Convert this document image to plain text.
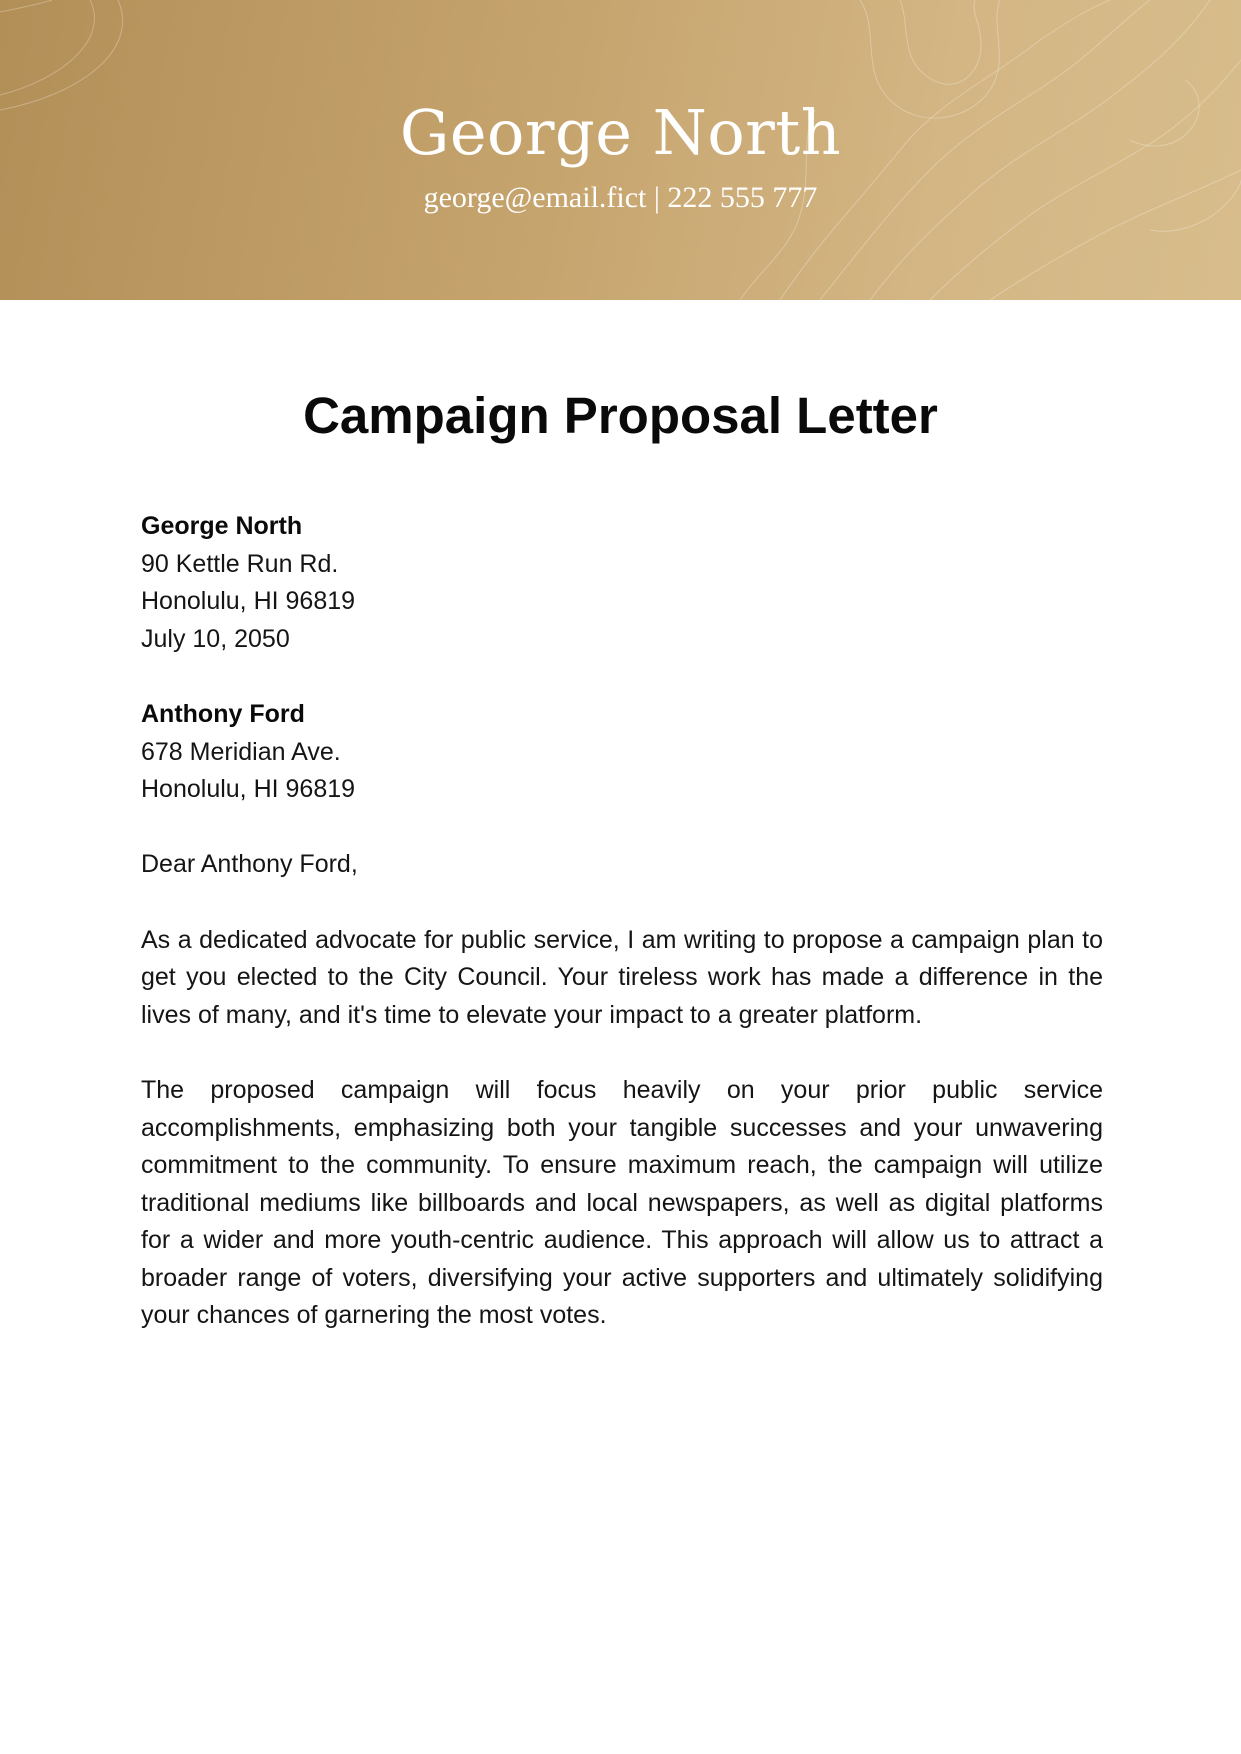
George North
george@email.fict | 222 555 777
Campaign Proposal Letter
George North
90 Kettle Run Rd.
Honolulu, HI 96819
July 10, 2050
Anthony Ford
678 Meridian Ave.
Honolulu, HI 96819

Dear Anthony Ford,

As a dedicated advocate for public service, I am writing to propose a campaign plan to get you elected to the City Council. Your tireless work has made a difference in the lives of many, and it's time to elevate your impact to a greater platform.

The proposed campaign will focus heavily on your prior public service accomplishments, emphasizing both your tangible successes and your unwavering commitment to the community. To ensure maximum reach, the campaign will utilize traditional mediums like billboards and local newspapers, as well as digital platforms for a wider and more youth-centric audience. This approach will allow us to attract a broader range of voters, diversifying your active supporters and ultimately solidifying your chances of garnering the most votes.
